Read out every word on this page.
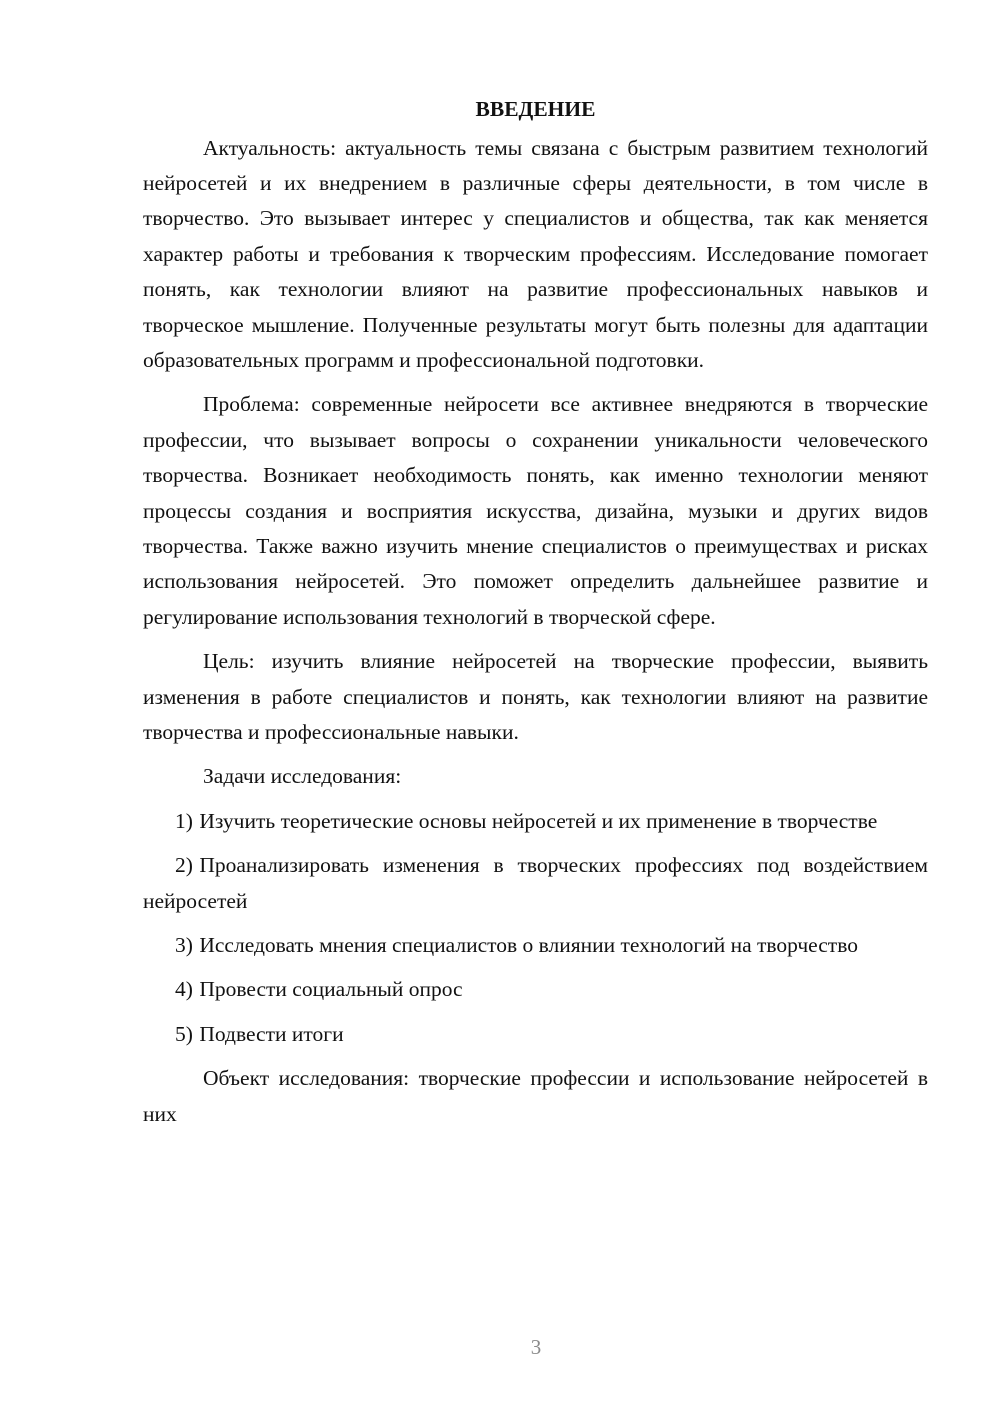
ВВЕДЕНИЕ

Актуальность: актуальность темы связана с быстрым развитием технологий нейросетей и их внедрением в различные сферы деятельности, в том числе в творчество. Это вызывает интерес у специалистов и общества, так как меняется характер работы и требования к творческим профессиям. Исследование помогает понять, как технологии влияют на развитие профессиональных навыков и творческое мышление. Полученные результаты могут быть полезны для адаптации образовательных программ и профессиональной подготовки.

Проблема: современные нейросети все активнее внедряются в творческие профессии, что вызывает вопросы о сохранении уникальности человеческого творчества. Возникает необходимость понять, как именно технологии меняют процессы создания и восприятия искусства, дизайна, музыки и других видов творчества. Также важно изучить мнение специалистов о преимуществах и рисках использования нейросетей. Это поможет определить дальнейшее развитие и регулирование использования технологий в творческой сфере.

Цель: изучить влияние нейросетей на творческие профессии, выявить изменения в работе специалистов и понять, как технологии влияют на развитие творчества и профессиональные навыки.

Задачи исследования:

1) Изучить теоретические основы нейросетей и их применение в творчестве

2) Проанализировать изменения в творческих профессиях под воздействием нейросетей

3) Исследовать мнения специалистов о влиянии технологий на творчество

4) Провести социальный опрос

5) Подвести итоги

Объект исследования: творческие профессии и использование нейросетей в них

3
